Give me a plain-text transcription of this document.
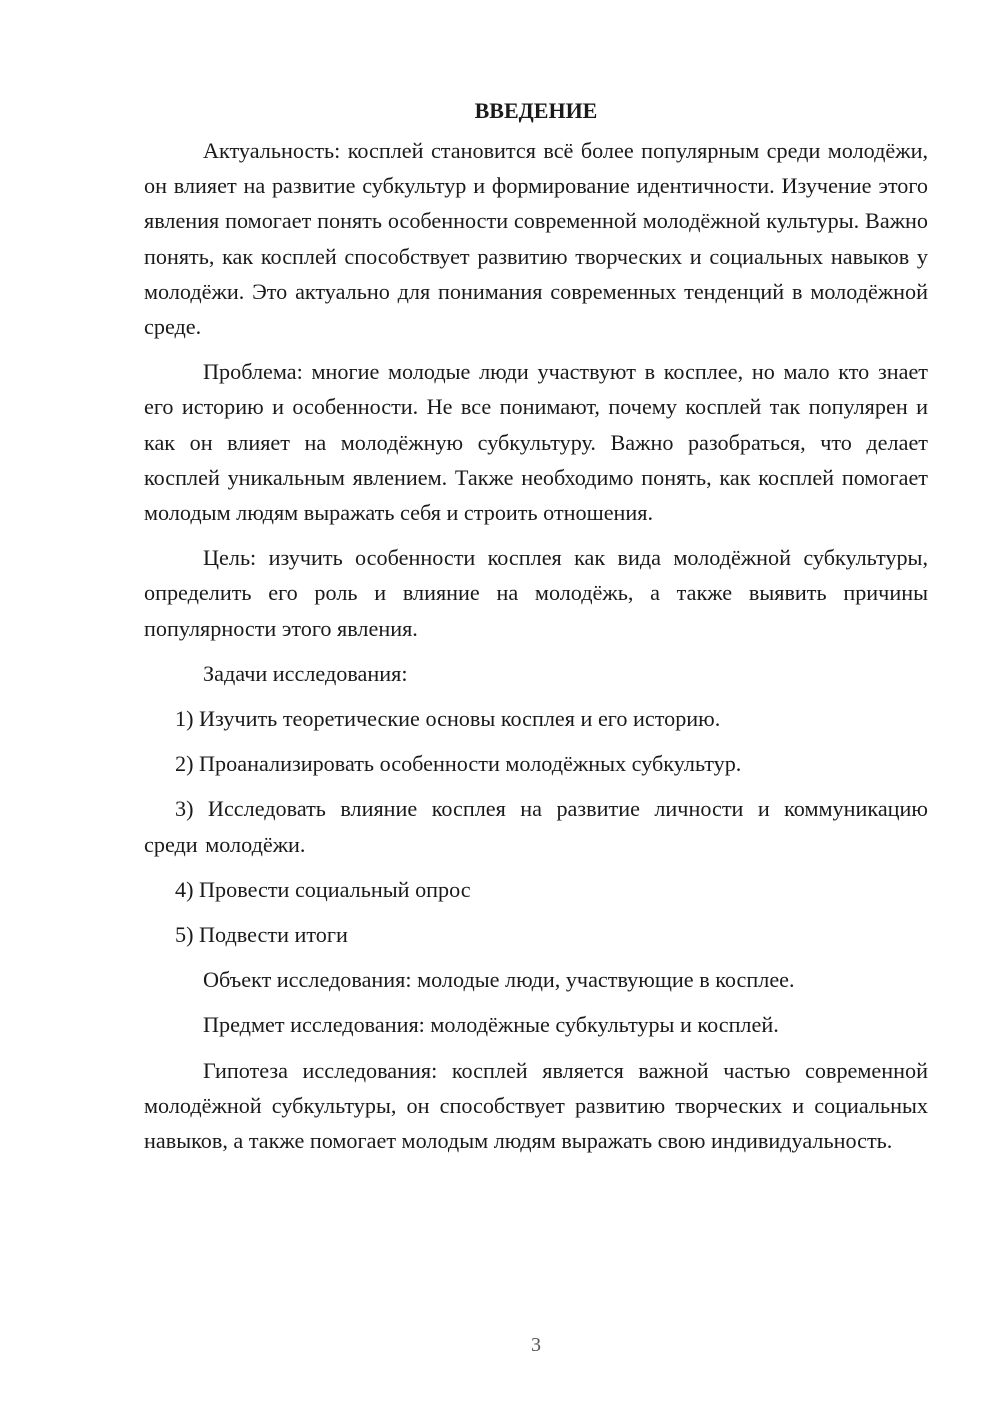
ВВЕДЕНИЕ

Актуальность: косплей становится всё более популярным среди молодёжи, он влияет на развитие субкультур и формирование идентичности. Изучение этого явления помогает понять особенности современной молодёжной культуры. Важно понять, как косплей способствует развитию творческих и социальных навыков у молодёжи. Это актуально для понимания современных тенденций в молодёжной среде.

Проблема: многие молодые люди участвуют в косплее, но мало кто знает его историю и особенности. Не все понимают, почему косплей так популярен и как он влияет на молодёжную субкультуру. Важно разобраться, что делает косплей уникальным явлением. Также необходимо понять, как косплей помогает молодым людям выражать себя и строить отношения.

Цель: изучить особенности косплея как вида молодёжной субкультуры, определить его роль и влияние на молодёжь, а также выявить причины популярности этого явления.

Задачи исследования:

1) Изучить теоретические основы косплея и его историю.

2) Проанализировать особенности молодёжных субкультур.

3) Исследовать влияние косплея на развитие личности и коммуникацию среди молодёжи.

4) Провести социальный опрос

5) Подвести итоги

Объект исследования: молодые люди, участвующие в косплее.

Предмет исследования: молодёжные субкультуры и косплей.

Гипотеза исследования: косплей является важной частью современной молодёжной субкультуры, он способствует развитию творческих и социальных навыков, а также помогает молодым людям выражать свою индивидуальность.

3
